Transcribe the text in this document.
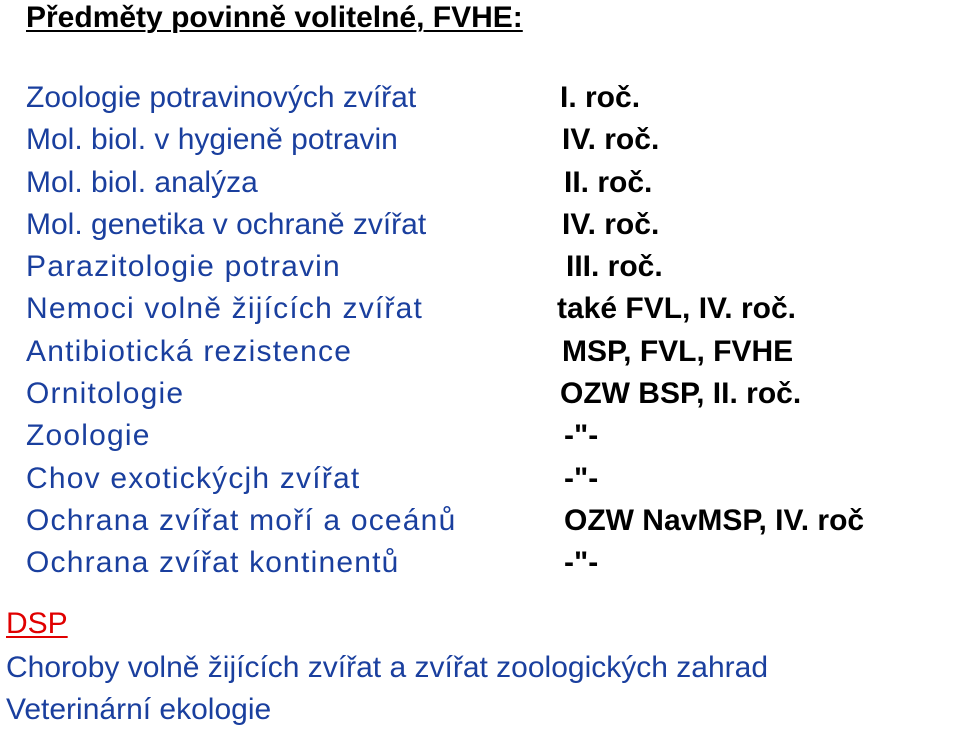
Předměty povinně volitelné, FVHE:
Zoologie potravinových zvířat	I. roč.
Mol. biol. v hygieně potravin	IV. roč.
Mol. biol. analýza	II. roč.
Mol. genetika v ochraně zvířat	IV. roč.
Parazitologie potravin	III. roč.
Nemoci volně žijících zvířat	také FVL, IV. roč.
Antibiotická rezistence	MSP, FVL, FVHE
Ornitologie	OZW BSP, II. roč.
Zoologie	-"-
Chov exotickýcjh zvířat	-"-
Ochrana zvířat moří a oceánů	OZW NavMSP, IV. roč
Ochrana zvířat kontinentů	-"-
DSP
Choroby volně žijících zvířat a zvířat zoologických zahrad
Veterinární ekologie
